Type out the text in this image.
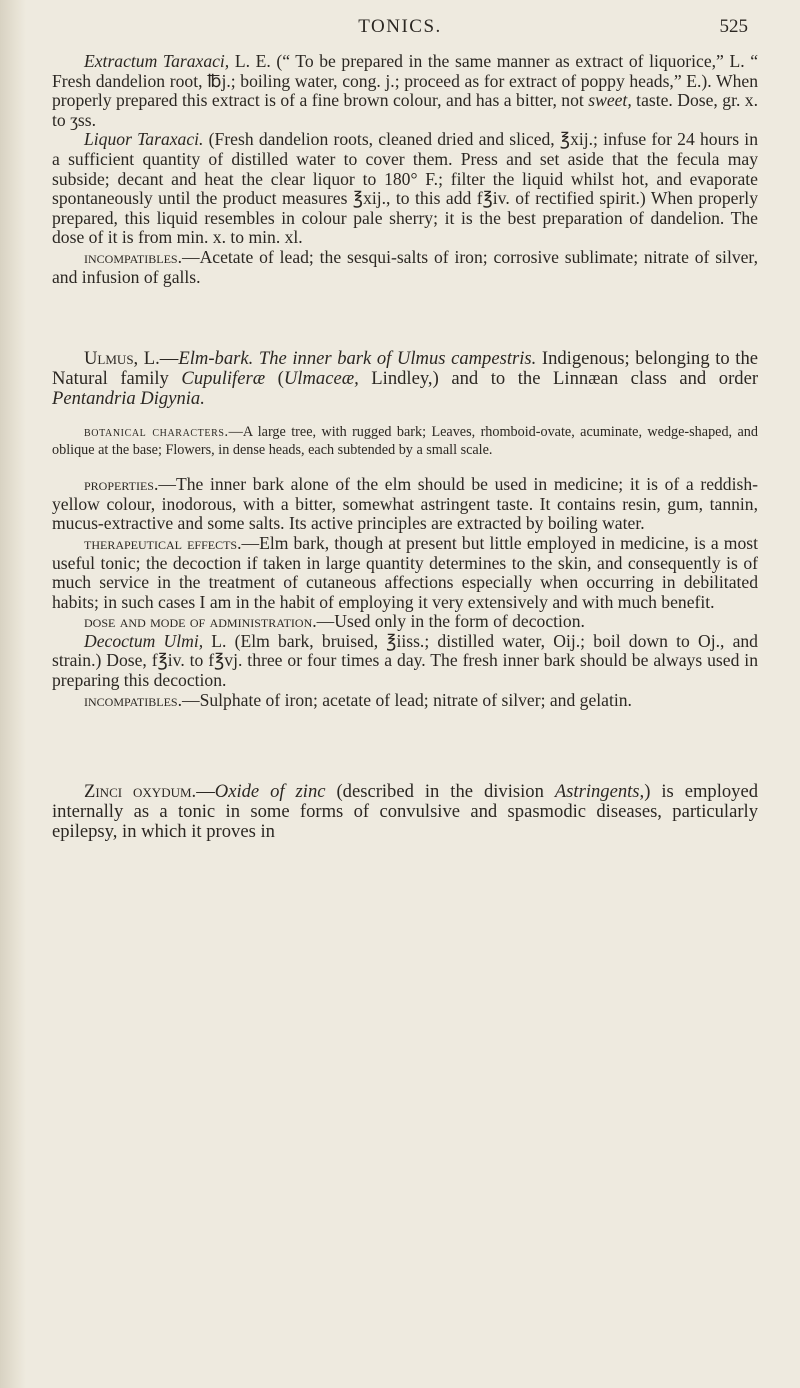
TONICS.	525

Extractum Taraxaci, L. E. (“ To be prepared in the same manner as extract of liquorice,” L. “ Fresh dandelion root, ℔j.; boiling water, cong. j.; proceed as for extract of poppy heads,” E.). When properly prepared this extract is of a fine brown colour, and has a bitter, not sweet, taste. Dose, gr. x. to ʒss.

Liquor Taraxaci. (Fresh dandelion roots, cleaned dried and sliced, ℥xij.; infuse for 24 hours in a sufficient quantity of distilled water to cover them. Press and set aside that the fecula may subside; decant and heat the clear liquor to 180° F.; filter the liquid whilst hot, and evaporate spontaneously until the product measures ℥xij., to this add f℥iv. of rectified spirit.) When properly prepared, this liquid resembles in colour pale sherry; it is the best preparation of dandelion. The dose of it is from min. x. to min. xl.

incompatibles.—Acetate of lead; the sesqui-salts of iron; corrosive sublimate; nitrate of silver, and infusion of galls.

Ulmus, L.—Elm-bark. The inner bark of Ulmus campestris. Indigenous; belonging to the Natural family Cupuliferæ (Ulmaceæ, Lindley,) and to the Linnæan class and order Pentandria Digynia.

botanical characters.—A large tree, with rugged bark; Leaves, rhomboid-ovate, acuminate, wedge-shaped, and oblique at the base; Flowers, in dense heads, each subtended by a small scale.

properties.—The inner bark alone of the elm should be used in medicine; it is of a reddish-yellow colour, inodorous, with a bitter, somewhat astringent taste. It contains resin, gum, tannin, mucus-extractive and some salts. Its active principles are extracted by boiling water.

therapeutical effects.—Elm bark, though at present but little employed in medicine, is a most useful tonic; the decoction if taken in large quantity determines to the skin, and consequently is of much service in the treatment of cutaneous affections especially when occurring in debilitated habits; in such cases I am in the habit of employing it very extensively and with much benefit.

dose and mode of administration.—Used only in the form of decoction.

Decoctum Ulmi, L. (Elm bark, bruised, ℥iiss.; distilled water, Oij.; boil down to Oj., and strain.) Dose, f℥iv. to f℥vj. three or four times a day. The fresh inner bark should be always used in preparing this decoction.

incompatibles.—Sulphate of iron; acetate of lead; nitrate of silver; and gelatin.

Zinci oxydum.—Oxide of zinc (described in the division Astringents,) is employed internally as a tonic in some forms of convulsive and spasmodic diseases, particularly epilepsy, in which it proves in
